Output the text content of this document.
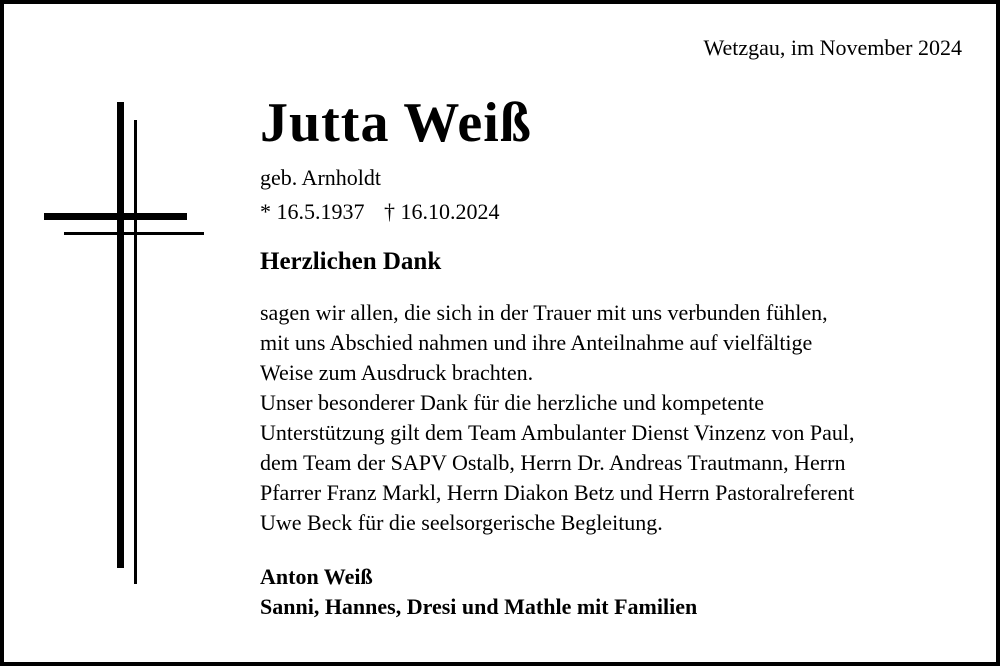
Wetzgau, im November 2024
Jutta Weiß
geb. Arnholdt
* 16.5.1937 † 16.10.2024
Herzlichen Dank
sagen wir allen, die sich in der Trauer mit uns verbunden fühlen,
mit uns Abschied nahmen und ihre Anteilnahme auf vielfältige
Weise zum Ausdruck brachten.
Unser besonderer Dank für die herzliche und kompetente
Unterstützung gilt dem Team Ambulanter Dienst Vinzenz von Paul,
dem Team der SAPV Ostalb, Herrn Dr. Andreas Trautmann, Herrn
Pfarrer Franz Markl, Herrn Diakon Betz und Herrn Pastoralreferent
Uwe Beck für die seelsorgerische Begleitung.
Anton Weiß
Sanni, Hannes, Dresi und Mathle mit Familien
